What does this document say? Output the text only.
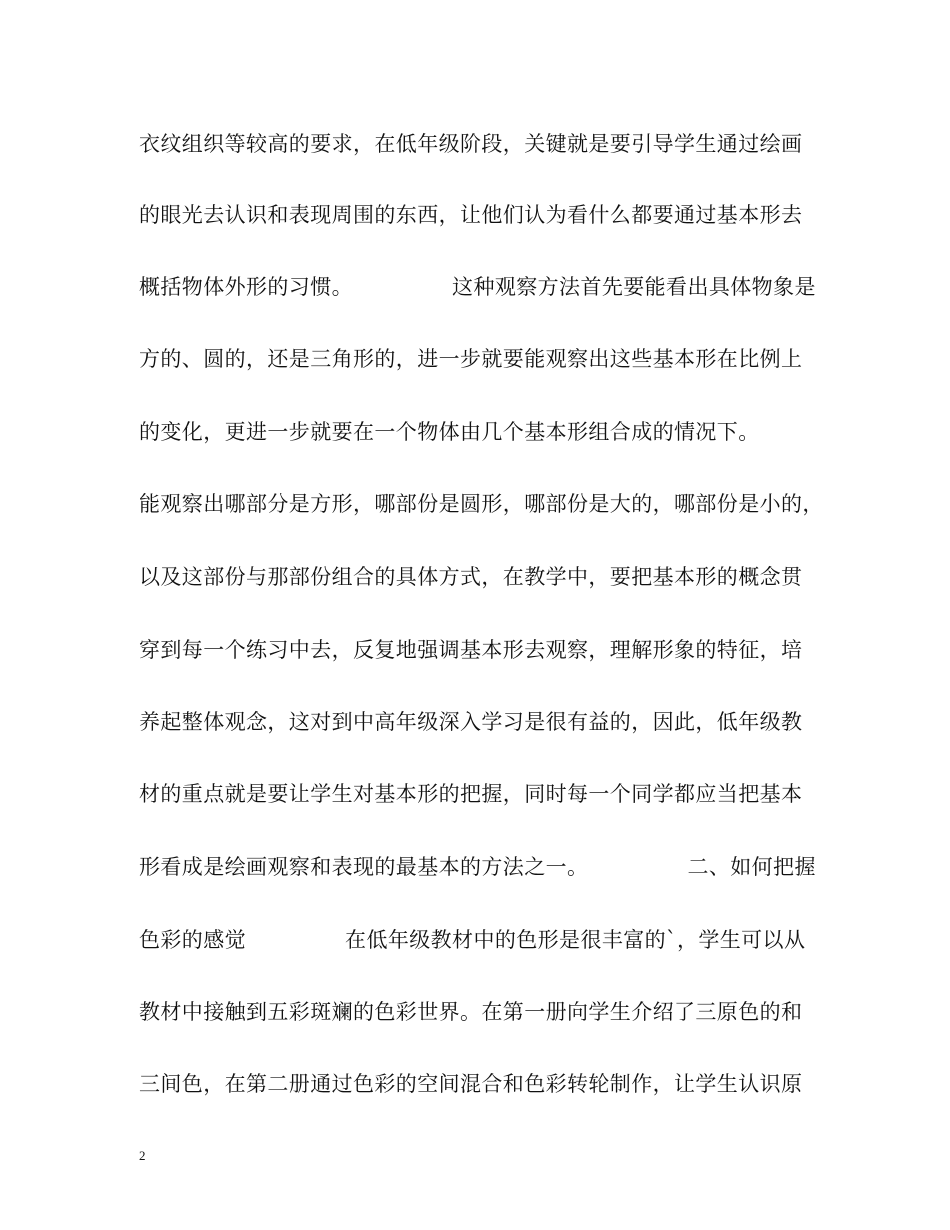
衣纹组织等较高的要求，在低年级阶段，关键就是要引导学生通过绘画
的眼光去认识和表现周围的东西，让他们认为看什么都要通过基本形去
概括物体外形的习惯。              这种观察方法首先要能看出具体物象是
方的、圆的，还是三角形的，进一步就要能观察出这些基本形在比例上
的变化，更进一步就要在一个物体由几个基本形组合成的情况下。
能观察出哪部分是方形，哪部份是圆形，哪部份是大的，哪部份是小的，
以及这部份与那部份组合的具体方式，在教学中，要把基本形的概念贯
穿到每一个练习中去，反复地强调基本形去观察，理解形象的特征，培
养起整体观念，这对到中高年级深入学习是很有益的，因此，低年级教
材的重点就是要让学生对基本形的把握，同时每一个同学都应当把基本
形看成是绘画观察和表现的最基本的方法之一。              二、如何把握
色彩的感觉              在低年级教材中的色形是很丰富的`，学生可以从
教材中接触到五彩斑斓的色彩世界。在第一册向学生介绍了三原色的和
三间色，在第二册通过色彩的空间混合和色彩转轮制作，让学生认识原
2
